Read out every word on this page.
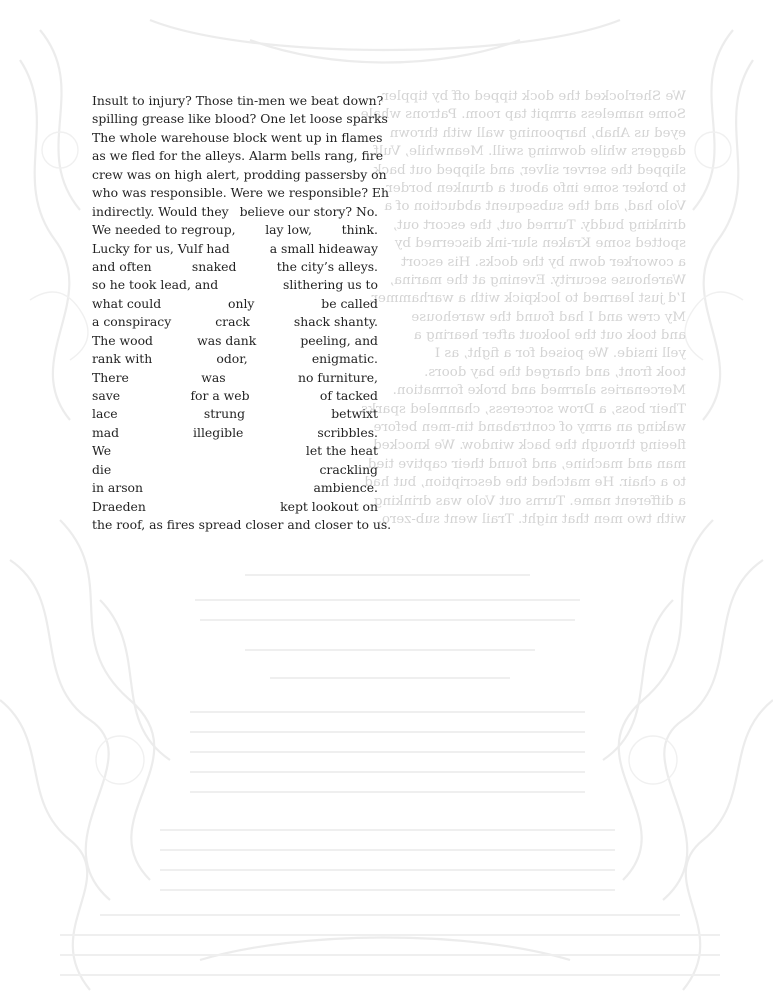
We Sherlocked the dock tipped off by tippler,
Some nameless armpit tap room. Patrons whale
eyed us Ahab, harpooning wall with thrown
daggers while downing swill. Meanwhile, Vulf
slipped the server silver, and slipped out back
to broker some info about a drunken border
Volo had, and the subsequent abduction of a
drinking buddy. Turned out, the escort out,
spotted some Kraken slur-ink discerned by
a coworker down by the docks. His escort
Warehouse security. Evening at the marina,
I’d just learned to lockpick with a warhammer.
My crew and I had found the warehouse
and took out the lookout after hearing a
yell inside. We poised for a fight, as I
took front, and charged the bay doors.
Mercenaries alarmed and broke formation.
Their boss, a Drow sorceress, channeled sparks
waking an army of contraband tin-men before
fleeing through the back window. We knocked
man and machine, and found their captive tied
to a chair. He matched the description, but had
a different name. Turns out Volo was drinking
with two men that night. Trail went sub-zero.
Insult to injury? Those tin-men we beat down?
spilling grease like blood? One let loose sparks
The whole warehouse block went up in flames
as we fled for the alleys. Alarm bells rang, fire
crew was on high alert, prodding passersby on
who was responsible. Were we responsible? Eh
indirectly. Would they believe our story? No.
We needed to regroup, lay low, think.
Lucky for us, Vulf had	a small hideaway
and often	snaked	the city’s alleys.
so he took lead, and	slithering us to
what could	only	be called
a conspiracy	crack	shack shanty.
The wood	was dank	peeling, and
rank with	odor,	enigmatic.
There	was	no furniture,
save	for a web	of tacked
lace	strung	betwixt
mad	illegible	scribbles.
We	let the heat
die	crackling
in arson	ambience.
Draeden	kept lookout on
the roof, as fires spread closer and closer to us.
